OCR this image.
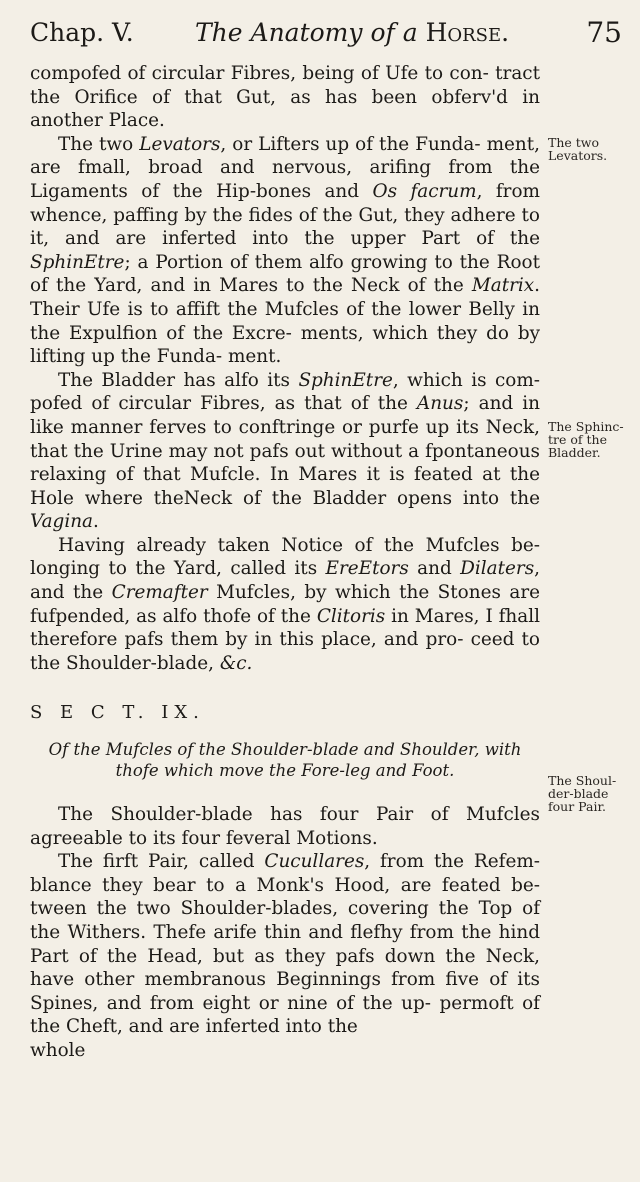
Chap. V. The Anatomy of a Horse.	75

compofed of circular Fibres, being of Ufe to con- tract the Orifice of that Gut, as has been obferv'd in another Place.

The two Levators, or Lifters up of the Funda- ment, are fmall, broad and nervous, arifing from the Ligaments of the Hip-bones and Os facrum, from whence, paffing by the fides of the Gut, they adhere to it, and are inferted into the upper Part of the SphinEtre; a Portion of them alfo growing to the Root of the Yard, and in Mares to the Neck of the Matrix. Their Ufe is to affift the Mufcles of the lower Belly in the Expulfion of the Excre- ments, which they do by lifting up the Funda- ment.

The Bladder has alfo its SphinEtre, which is com- pofed of circular Fibres, as that of the Anus; and in like manner ferves to conftringe or purfe up its Neck, that the Urine may not pafs out without a fpontaneous relaxing of that Mufcle. In Mares it is feated at the Hole where theNeck of the Bladder opens into the Vagina.

Having already taken Notice of the Mufcles be- longing to the Yard, called its EreEtors and Dilaters, and the Cremafter Mufcles, by which the Stones are fufpended, as alfo thofe of the Clitoris in Mares, I fhall therefore pafs them by in this place, and pro- ceed to the Shoulder-blade, &c.

S E C T. IX.

Of the Mufcles of the Shoulder-blade and Shoulder, with thofe which move the Fore-leg and Foot.

The Shoulder-blade has four Pair of Mufcles agreeable to its four feveral Motions.

The firft Pair, called Cucullares, from the Refem- blance they bear to a Monk's Hood, are feated be- tween the two Shoulder-blades, covering the Top of the Withers. Thefe arife thin and flefhy from the hind Part of the Head, but as they pafs down the Neck, have other membranous Beginnings from five of its Spines, and from eight or nine of the up- permoft of the Cheft, and are inferted into the

whole

The two Levators.
The Sphinc- tre of the Bladder.
The Shoul- der-blade four Pair.
